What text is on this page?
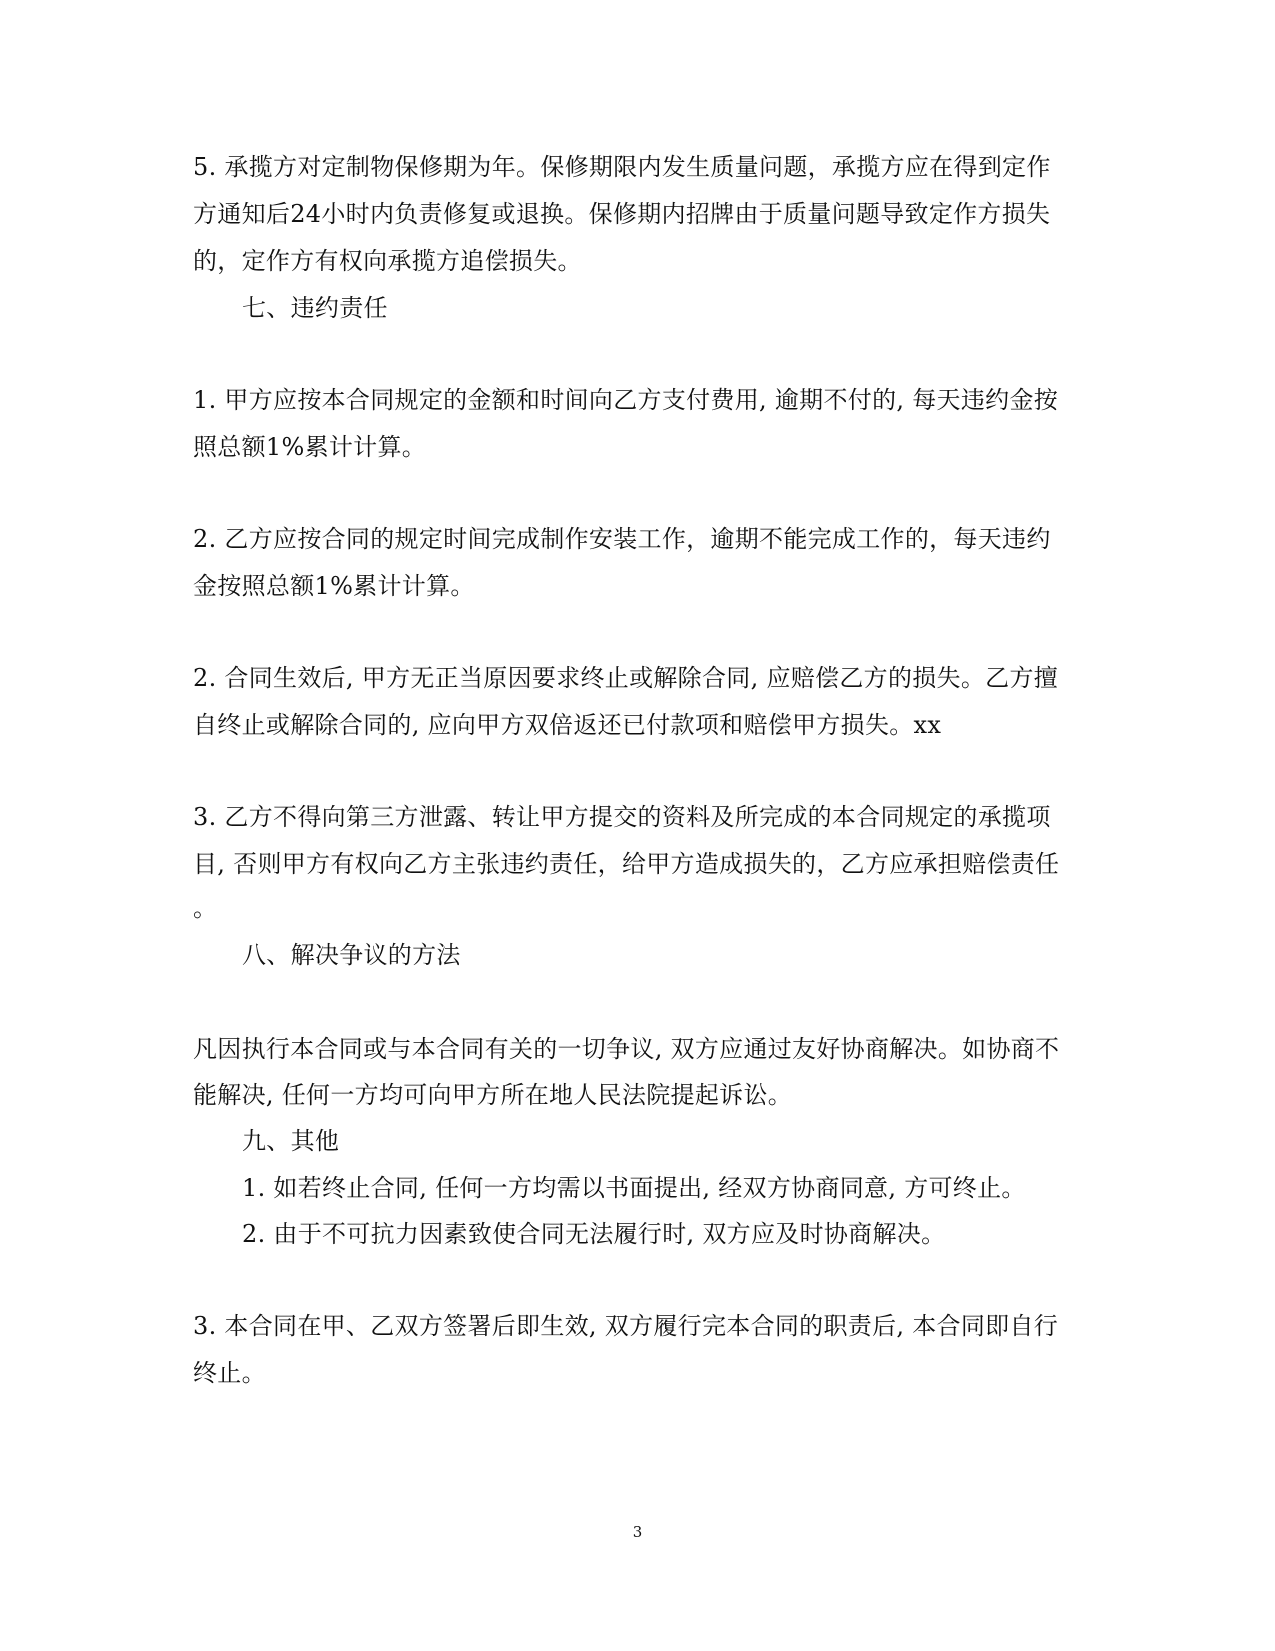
5. 承揽方对定制物保修期为年。保修期限内发生质量问题，承揽方应在得到定作
方通知后24小时内负责修复或退换。保修期内招牌由于质量问题导致定作方损失
的，定作方有权向承揽方追偿损失。
七、违约责任
1. 甲方应按本合同规定的金额和时间向乙方支付费用, 逾期不付的, 每天违约金按
照总额1%累计计算。
2. 乙方应按合同的规定时间完成制作安装工作，逾期不能完成工作的，每天违约
金按照总额1%累计计算。
2. 合同生效后, 甲方无正当原因要求终止或解除合同, 应赔偿乙方的损失。乙方擅
自终止或解除合同的, 应向甲方双倍返还已付款项和赔偿甲方损失。xx
3. 乙方不得向第三方泄露、转让甲方提交的资料及所完成的本合同规定的承揽项
目, 否则甲方有权向乙方主张违约责任，给甲方造成损失的，乙方应承担赔偿责任
。
八、解决争议的方法
凡因执行本合同或与本合同有关的一切争议, 双方应通过友好协商解决。如协商不
能解决, 任何一方均可向甲方所在地人民法院提起诉讼。
九、其他
1. 如若终止合同, 任何一方均需以书面提出, 经双方协商同意, 方可终止。
2. 由于不可抗力因素致使合同无法履行时, 双方应及时协商解决。
3. 本合同在甲、乙双方签署后即生效, 双方履行完本合同的职责后, 本合同即自行
终止。
3
